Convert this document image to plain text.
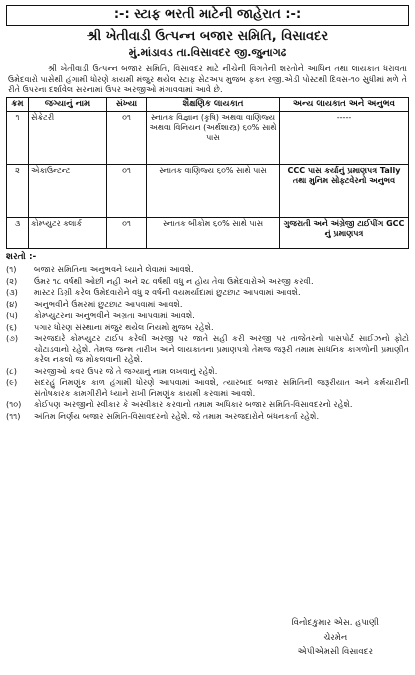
:-: સ્ટાફ ભરતી માટેની જાહેરાત :-:
શ્રી ખેતીવાડી ઉત્પન્ન બજાર સમિતિ, વિસાવદર
મું.માંડાવડ તા.વિસાવદર જી.જુનાગઢ

શ્રી ખેતીવાડી ઉત્પન્ન બજાર સમિતિ, વિસાવદર માટે નીચેની વિગતેની શરતોને આધિન તથા લાયકાત ધરાવતા ઉમેદવારો પાસેથી હંગામી ધોરણે કાયમી મંજુર થયેલ સ્ટાફ સેટઅપ મુજબ ફક્ત રજી.એડી પોસ્ટથી દિવસ-૧૦ સુધીમાં મળે તે રીતે ઉપરના દર્શાવેલ સરનામાં ઉપર અરજીઓ મંગાવવામાં આવે છે.

ક્રમ	જગ્યાનું નામ	સંખ્યા	શૈક્ષણિક લાયકાત	અન્ય લાયકાત અને અનુભવ
૧	સેક્રેટરી	૦૧	સ્નાતક વિજ્ઞાન (કૃષિ) અથવા વાણિજ્ય અથવા વિનિયન (અર્થશાસ્ત્ર) ૬૦% સાથે પાસ	-----
૨	એકાઉન્ટન્ટ	૦૧	સ્નાતક વાણિજ્ય ૬૦% સાથે પાસ	CCC પાસ કર્યાનું પ્રમાણપત્ર Tally તથા મુનિમ સોફ્ટવેરનો અનુભવ
૩	કોમ્પ્યુટર ક્લાર્ક	૦૧	સ્નાતક બીકોમ ૬૦% સાથે પાસ	ગુજરાતી અને અંગ્રેજી ટાઈપીંગ GCC નું પ્રમાણપત્ર
શરતો :-
(૧)	બજાર સમિતિના અનુભવને ધ્યાને લેવામાં આવશે.
(૨)	ઉંમર ૧૮ વર્ષથી ઓછી નહી અને ૨૮ વર્ષથી વધુ ન હોય તેવા ઉમેદવારોએ અરજી કરવી.
(૩)	માસ્ટર ડિગ્રી કરેલ ઉમેદવારોને વધુ ૨ વર્ષની વયમર્યાદામાં છુટછાટ આપવામાં આવશે.
(૪)	અનુભવીને ઉંમરમાં છુટછાટ આપવામાં આવશે.
(૫)	કોમ્પ્યુટરના અનુભવીને અગ્રતા આપવામાં આવશે.
(૬)	પગાર ધોરણ સંસ્થાના મંજુર થયેલ નિયમો મુજબ રહેશે.
(૭)	અરજદારે કોમ્પ્યુટર ટાઈપ કરેલી અરજી પર જાતે સહી કરી અરજી પર તાજેતરનો પાસપોર્ટ સાઈઝનો ફોટો ચોંટાડવાનો રહેશે. તેમજ જન્મ તારીખ અને લાયકાતના પ્રમાણપત્રો તેમજ જરૂરી તમામ સાધનિક કાગળોની પ્રમાણીત કરેલ નકલો જ મોકલવાની રહેશે.
(૮)	અરજીઓ કવર ઉપર જે તે જગ્યાનું નામ લખવાનું રહેશે.
(૯)	સદરહું નિમણુંક કાળ હંગામી ધોરણે આપવામાં આવશે, ત્યારબાદ બજાર સમિતિની જરૂરીયાત અને કર્મચારીની સંતોષકારક કામગીરીને ધ્યાને રાખી નિમણુંક કાયમી કરવામાં આવશે.
(૧૦)	કોઈપણ અરજીનો સ્વીકાર કે અસ્વીકાર કરવાનો તમામ અધિકાર બજાર સમિતિ-વિસાવદરનો રહેશે.
(૧૧)	અંતિમ નિર્ણય બજાર સમિતિ-વિસાવદરનો રહેશે. જે તમામ અરજદારોને બંધનકર્તા રહેશે.
વિનોદકુમાર એસ. હપાણી
ચેરમેન
એપીએમસી વિસાવદર
